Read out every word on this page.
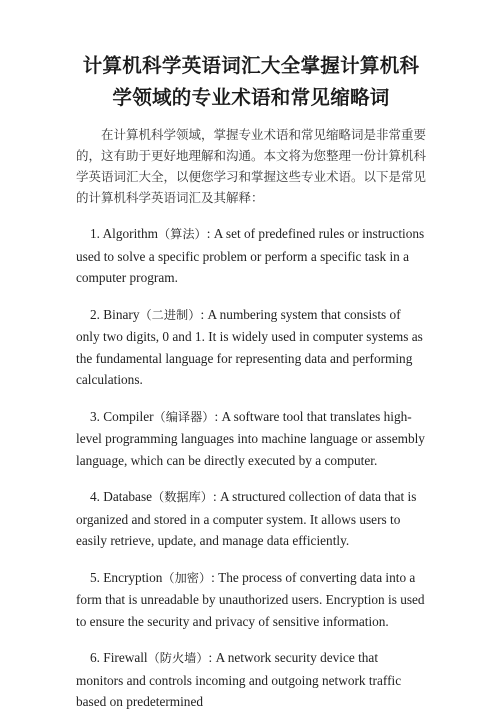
计算机科学英语词汇大全掌握计算机科学领域的专业术语和常见缩略词

在计算机科学领域，掌握专业术语和常见缩略词是非常重要的，这有助于更好地理解和沟通。本文将为您整理一份计算机科学英语词汇大全，以便您学习和掌握这些专业术语。以下是常见的计算机科学英语词汇及其解释：

1. Algorithm（算法）: A set of predefined rules or instructions used to solve a specific problem or perform a specific task in a computer program.

2. Binary（二进制）: A numbering system that consists of only two digits, 0 and 1. It is widely used in computer systems as the fundamental language for representing data and performing calculations.

3. Compiler（编译器）: A software tool that translates high-level programming languages into machine language or assembly language, which can be directly executed by a computer.

4. Database（数据库）: A structured collection of data that is organized and stored in a computer system. It allows users to easily retrieve, update, and manage data efficiently.

5. Encryption（加密）: The process of converting data into a form that is unreadable by unauthorized users. Encryption is used to ensure the security and privacy of sensitive information.

6. Firewall（防火墙）: A network security device that monitors and controls incoming and outgoing network traffic based on predetermined
